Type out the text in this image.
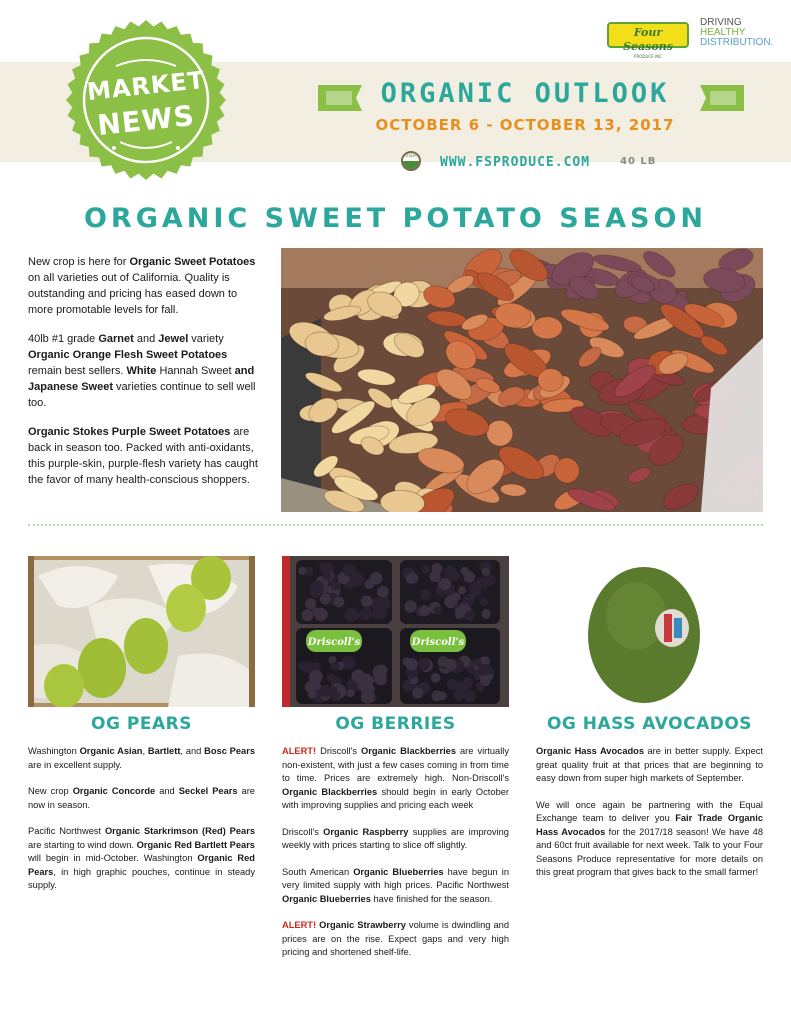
MARKET
NEWS
Four Seasons
PRODUCE INC
DRIVING
HEALTHY
DISTRIBUTION.
ORGANIC OUTLOOK
OCTOBER 6 - OCTOBER 13, 2017
USDA WWW.FSPRODUCE.COM	40 LB
ORGANIC SWEET POTATO SEASON
New crop is here for Organic Sweet Potatoes on all varieties out of California. Quality is outstanding and pricing has eased down to more promotable levels for fall.
40lb #1 grade Garnet and Jewel variety Organic Orange Flesh Sweet Potatoes remain best sellers. White Hannah Sweet and Japanese Sweet varieties continue to sell well too.
Organic Stokes Purple Sweet Potatoes are back in season too. Packed with anti-oxidants, this purple-skin, purple-flesh variety has caught the favor of many health-conscious shoppers.
Driscoll's	Driscoll's
OG PEARS	OG BERRIES	OG HASS AVOCADOS

Washington Organic Asian, Bartlett, and Bosc Pears are in excellent supply.

New crop Organic Concorde and Seckel Pears are now in season.

Pacific Northwest Organic Starkrimson (Red) Pears are starting to wind down. Organic Red Bartlett Pears will begin in mid-October. Washington Organic Red Pears, in high graphic pouches, continue in steady supply.

ALERT! Driscoll's Organic Blackberries are virtually non-existent, with just a few cases coming in from time to time. Prices are extremely high. Non-Driscoll's Organic Blackberries should begin in early October with improving supplies and pricing each week

Driscoll's Organic Raspberry supplies are improving weekly with prices starting to slice off slightly.

South American Organic Blueberries have begun in very limited supply with high prices. Pacific Northwest Organic Blueberries have finished for the season.

ALERT! Organic Strawberry volume is dwindling and prices are on the rise. Expect gaps and very high pricing and shortened shelf-life.

Organic Hass Avocados are in better supply. Expect great quality fruit at that prices that are beginning to easy down from super high markets of September.

We will once again be partnering with the Equal Exchange team to deliver you Fair Trade Organic Hass Avocados for the 2017/18 season! We have 48 and 60ct fruit available for next week. Talk to your Four Seasons Produce representative for more details on this great program that gives back to the small farmer!
